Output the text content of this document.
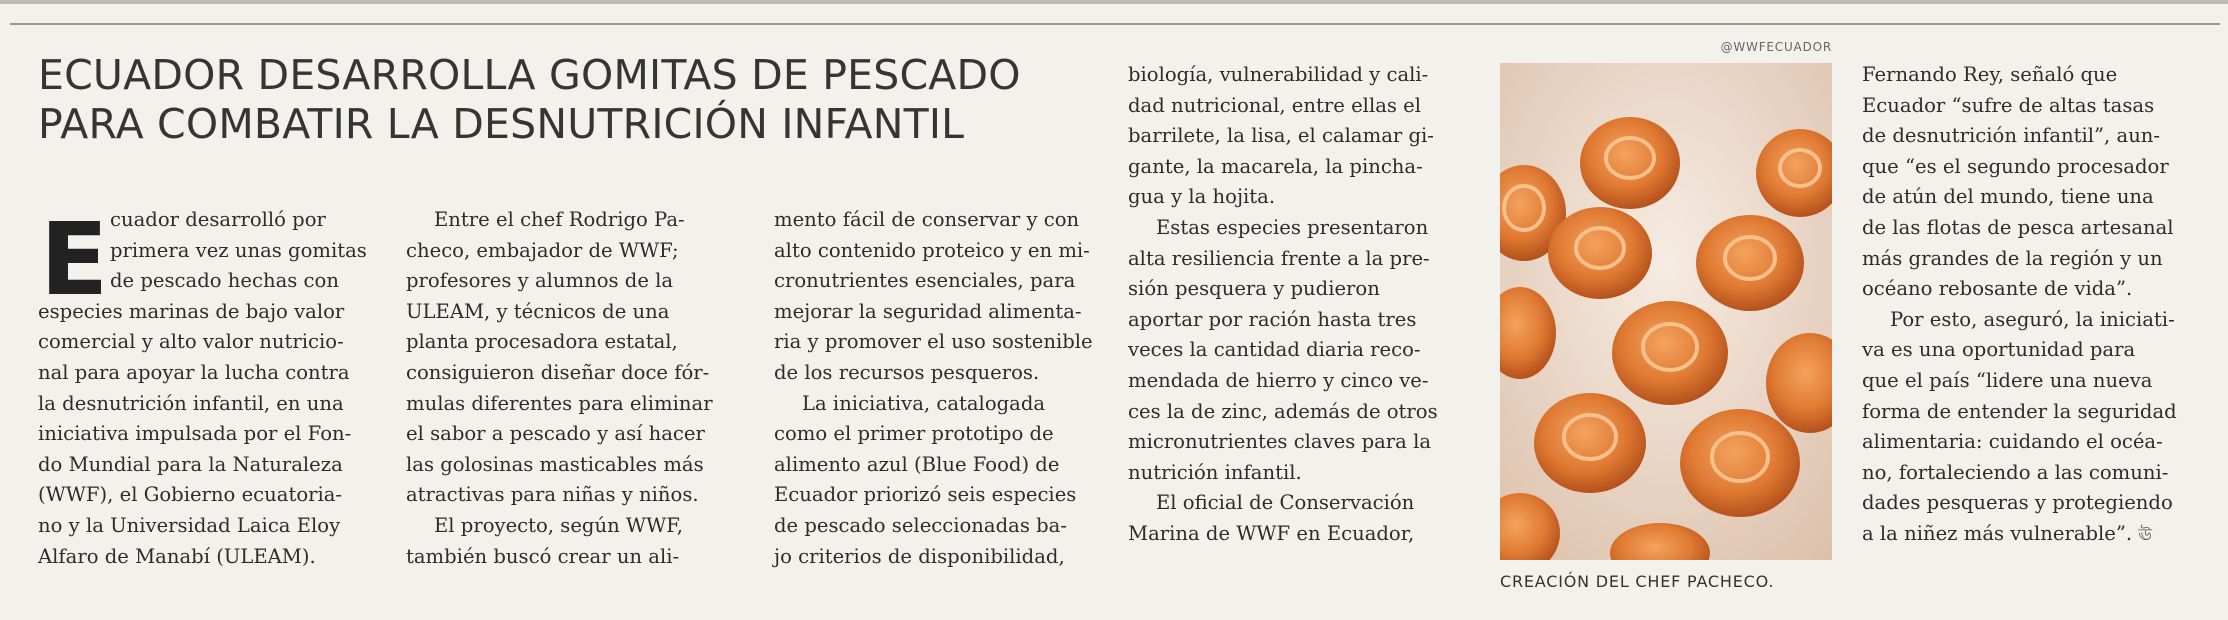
ECUADOR DESARROLLA GOMITAS DE PESCADO
PARA COMBATIR LA DESNUTRICIÓN INFANTIL
E cuador desarrolló por
primera vez unas gomitas
de pescado hechas con
especies marinas de bajo valor
comercial y alto valor nutricio-
nal para apoyar la lucha contra
la desnutrición infantil, en una
iniciativa impulsada por el Fon-
do Mundial para la Naturaleza
(WWF), el Gobierno ecuatoria-
no y la Universidad Laica Eloy
Alfaro de Manabí (ULEAM).
Entre el chef Rodrigo Pa-
checo, embajador de WWF;
profesores y alumnos de la
ULEAM, y técnicos de una
planta procesadora estatal,
consiguieron diseñar doce fór-
mulas diferentes para eliminar
el sabor a pescado y así hacer
las golosinas masticables más
atractivas para niñas y niños.
El proyecto, según WWF,
también buscó crear un ali-
mento fácil de conservar y con
alto contenido proteico y en mi-
cronutrientes esenciales, para
mejorar la seguridad alimenta-
ria y promover el uso sostenible
de los recursos pesqueros.
La iniciativa, catalogada
como el primer prototipo de
alimento azul (Blue Food) de
Ecuador priorizó seis especies
de pescado seleccionadas ba-
jo criterios de disponibilidad,
biología, vulnerabilidad y cali-
dad nutricional, entre ellas el
barrilete, la lisa, el calamar gi-
gante, la macarela, la pincha-
gua y la hojita.
Estas especies presentaron
alta resiliencia frente a la pre-
sión pesquera y pudieron
aportar por ración hasta tres
veces la cantidad diaria reco-
mendada de hierro y cinco ve-
ces la de zinc, además de otros
micronutrientes claves para la
nutrición infantil.
El oficial de Conservación
Marina de WWF en Ecuador,
@WWFECUADOR
CREACIÓN DEL CHEF PACHECO.
Fernando Rey, señaló que
Ecuador “sufre de altas tasas
de desnutrición infantil”, aun-
que “es el segundo procesador
de atún del mundo, tiene una
de las flotas de pesca artesanal
más grandes de la región y un
océano rebosante de vida”.
Por esto, aseguró, la iniciati-
va es una oportunidad para
que el país “lidere una nueva
forma de entender la seguridad
alimentaria: cuidando el océa-
no, fortaleciendo a las comuni-
dades pesqueras y protegiendo
a la niñez más vulnerable”. ঊ
